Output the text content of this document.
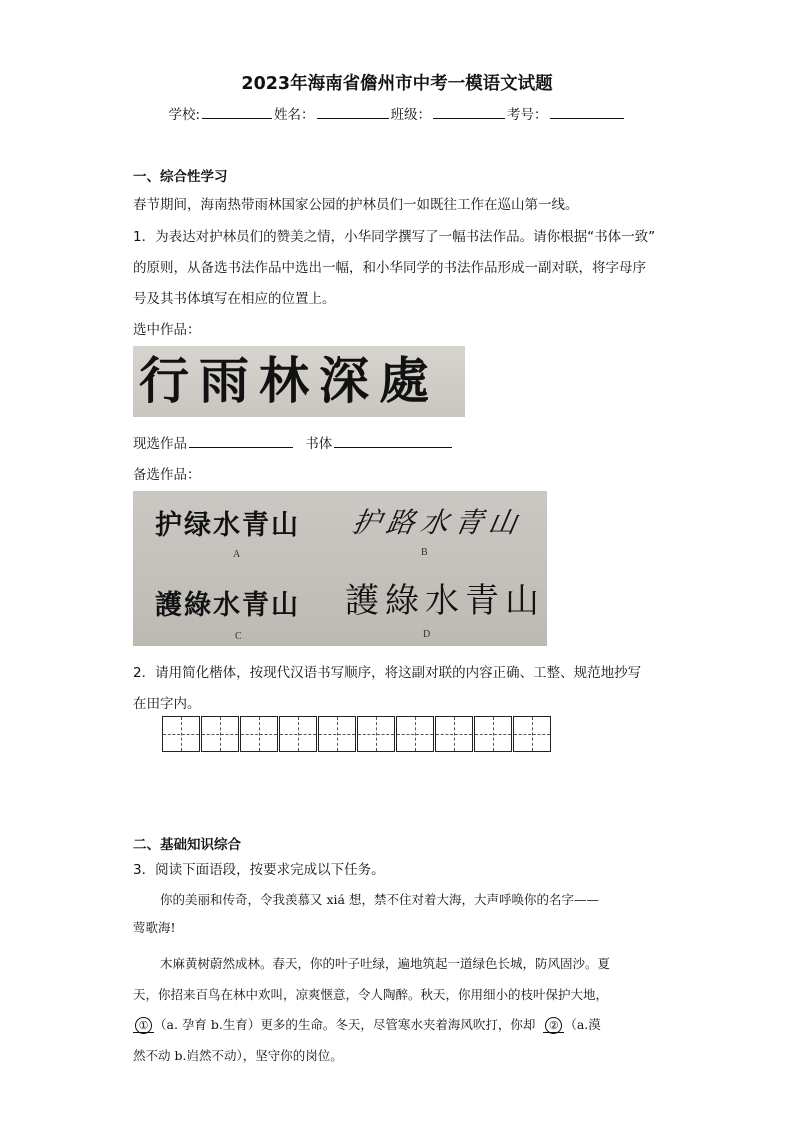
2023年海南省儋州市中考一模语文试题
学校:	姓名：	班级：	考号：
一、综合性学习
春节期间，海南热带雨林国家公园的护林员们一如既往工作在巡山第一线。
1．为表达对护林员们的赞美之情，小华同学撰写了一幅书法作品。请你根据“书体一致”
的原则，从备选书法作品中选出一幅，和小华同学的书法作品形成一副对联，将字母序
号及其书体填写在相应的位置上。
选中作品：
行雨林深處
现选作品	书体
备选作品：
护绿水青山
A
护路水青山
B
護綠水青山
C
護綠水青山
D
2．请用简化楷体，按现代汉语书写顺序，将这副对联的内容正确、工整、规范地抄写
在田字内。
二、基础知识综合
3．阅读下面语段，按要求完成以下任务。
你的美丽和传奇，令我羡慕又 xiá 想，禁不住对着大海，大声呼唤你的名字——
莺歌海!
木麻黄树蔚然成林。春天，你的叶子吐绿，遍地筑起一道绿色长城，防风固沙。夏
天，你招来百鸟在林中欢叫，凉爽惬意，令人陶醉。秋天，你用细小的枝叶保护大地，
① （a. 孕育 b.生育）更多的生命。冬天，尽管寒水夹着海风吹打，你却 ② （a.漠
然不动 b.岿然不动），坚守你的岗位。
